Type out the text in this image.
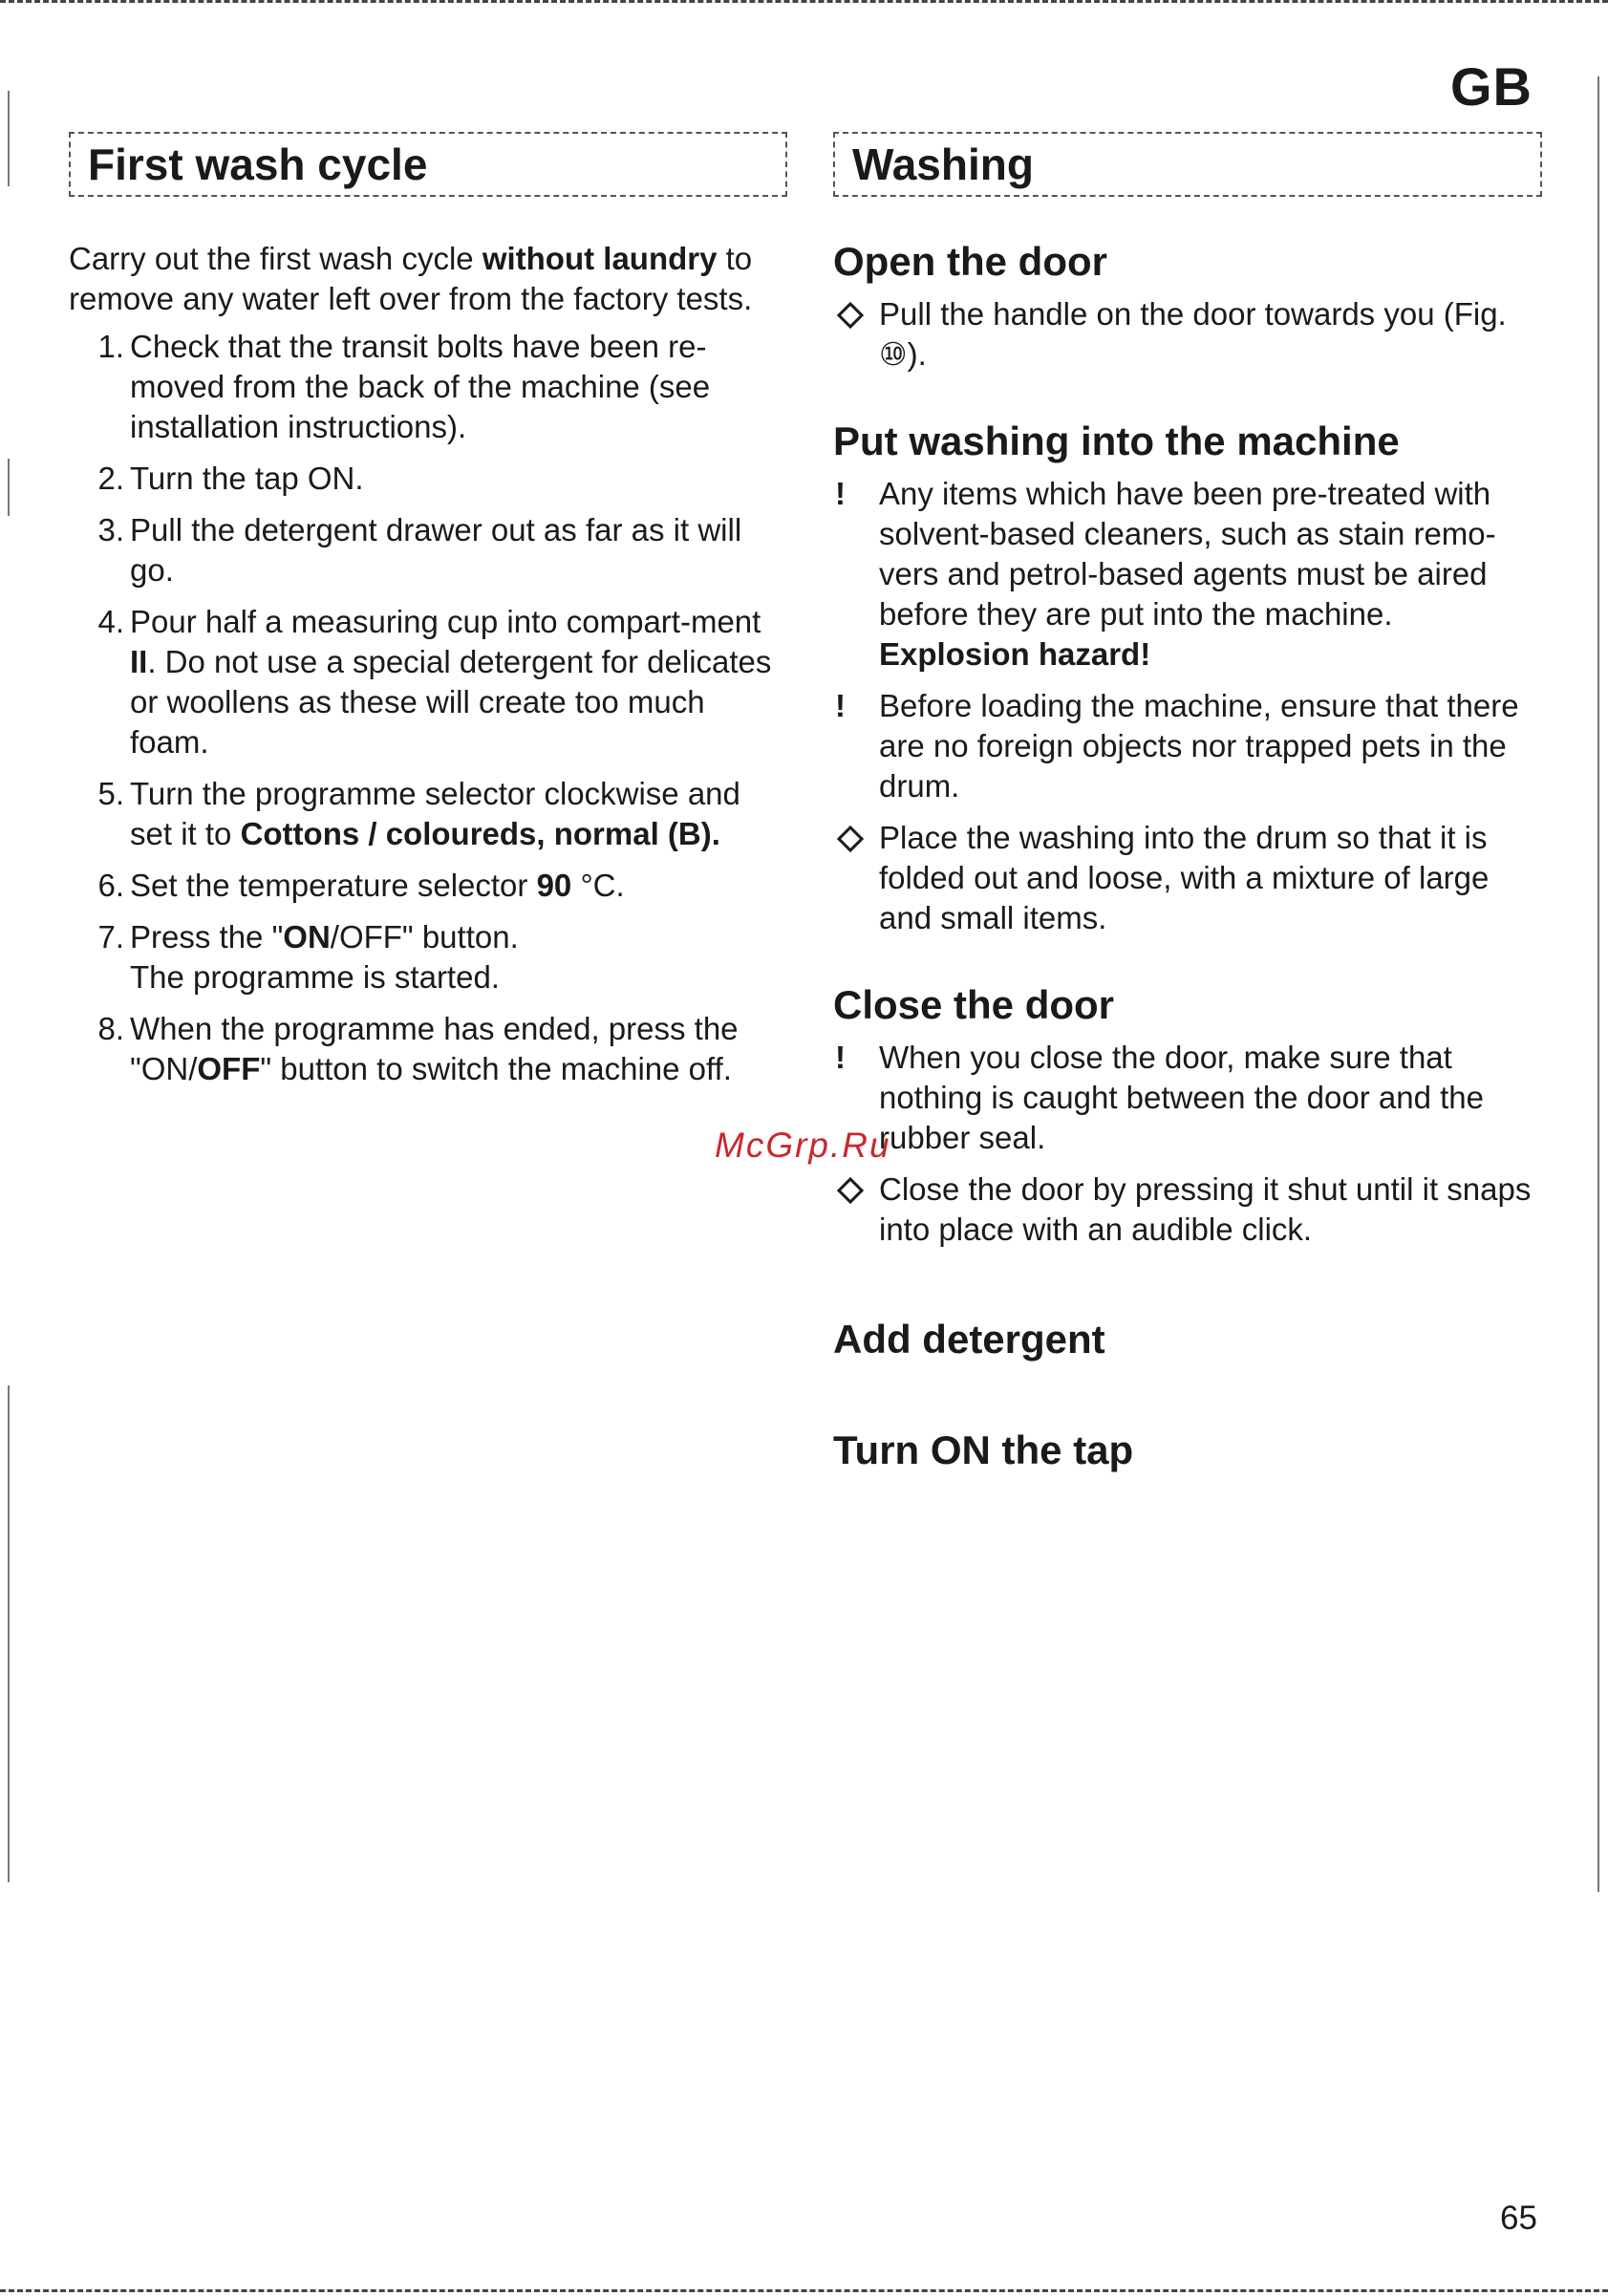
GB
First wash cycle

Carry out the first wash cycle without laundry to remove any water left over from the factory tests.

1. Check that the transit bolts have been re-moved from the back of the machine (see installation instructions).
2. Turn the tap ON.
3. Pull the detergent drawer out as far as it will go.
4. Pour half a measuring cup into compart-ment II. Do not use a special detergent for delicates or woollens as these will create too much foam.
5. Turn the programme selector clockwise and set it to Cottons / coloureds, normal (B).
6. Set the temperature selector 90 °C.
7. Press the "ON/OFF" button.
The programme is started.
8. When the programme has ended, press the "ON/OFF" button to switch the machine off.
Washing
Open the door
Pull the handle on the door towards you (Fig. ⑩).
Put washing into the machine
!	Any items which have been pre-treated with solvent-based cleaners, such as stain remo-vers and petrol-based agents must be aired before they are put into the machine.
Explosion hazard!
!	Before loading the machine, ensure that there are no foreign objects nor trapped pets in the drum.
Place the washing into the drum so that it is folded out and loose, with a mixture of large and small items.
Close the door
!	When you close the door, make sure that nothing is caught between the door and the rubber seal.
Close the door by pressing it shut until it snaps into place with an audible click.
Add detergent
Turn ON the tap
McGrp.Ru
65
